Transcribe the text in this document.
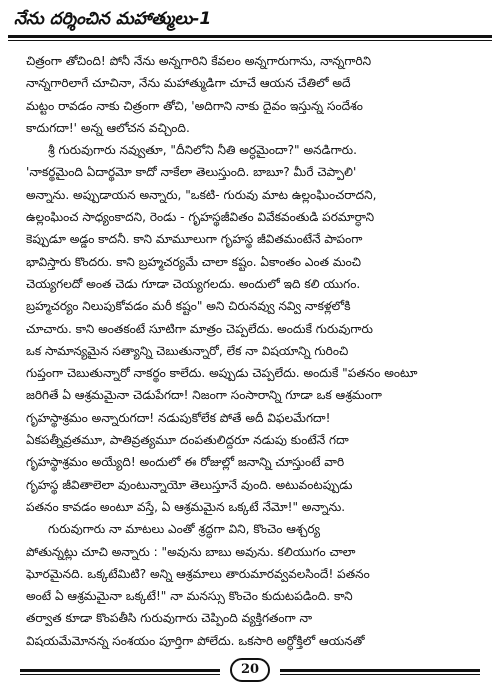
నేను దర్శించిన మహాత్ములు-1
చిత్రంగా తోచింది! పోనీ నేను అన్నగారిని కేవలం అన్నగారుగాను, నాన్నగారిని
నాన్నగారిలాగే చూచినా, నేను మహాత్ముడిగా చూచే ఆయన చేతిలో అదే
మట్టం రావడం నాకు చిత్రంగా తోచి, 'అదిగాని నాకు దైవం ఇస్తున్న సందేశం
కాదుగదా!' అన్న ఆలోచన వచ్చింది.
శ్రీ గురువుగారు నవ్వుతూ, "దీనిలోని నీతి అర్ధమైందా?" అనడిగారు.
'నాకర్థమైంది ఏదార్థమో కాదో నాకేలా తెలుస్తుంది. బాబూ? మీరే చెప్పాలి'
అన్నాను. అప్పుడాయన అన్నారు, "ఒకటి- గురువు మాట ఉల్లంఘించరాదని,
ఉల్లంఘించ సాధ్యంకాదని, రెండు - గృహస్థజీవితం వివేకవంతుడి పరమార్ధాని
కెప్పుడూ అడ్డం కాదనీ. కాని మామూలుగా గృహస్థ జీవితమంటేనే పాపంగా
భావిస్తారు కొందరు. కాని బ్రహ్మచర్యమే చాలా కష్టం. ఏకాంతం ఎంత మంచి
చెయ్యగలదో అంత చెడు గూడా చెయ్యగలదు. అందులో ఇది కలి యుగం.
బ్రహ్మచర్యం నిలుపుకోవడం మరీ కష్టం" అని చిరునవ్వు నవ్వి నాకళ్లలోకి
చూచారు. కాని అంతకంటే సూటిగా మాత్రం చెప్పలేదు. అందుకే గురువుగారు
ఒక సామాన్యమైన సత్యాన్ని చెబుతున్నారో, లేక నా విషయాన్ని గురించి
గుప్తంగా చెబుతున్నారో నాకర్థం కాలేదు. అప్పుడు చెప్పలేదు. అందుకే "పతనం అంటూ
జరిగితే ఏ ఆశ్రమమైనా చెడుపేగదా! నిజంగా సంసారాన్ని గూడా ఒక ఆశ్రమంగా
గృహస్థాశ్రమం అన్నారుగదా! నడుపుకోలేక పోతే అదీ విఫలమేగదా!
ఏకపత్నీవ్రతమూ, పాతివ్రత్యమూ దంపతులిద్దరూ నడుపు కుంటేనే గదా
గృహస్థాశ్రమం అయ్యేది! అందులో ఈ రోజుల్లో జనాన్ని చూస్తుంటే వారి
గృహస్థ జీవితాలెలా వుంటున్నాయో తెలుస్తూనే వుంది. అటువంటప్పుడు
పతనం కావడం అంటూ వస్తే, ఏ ఆశ్రమమైన ఒక్కటే నేమో!" అన్నాను.
గురువుగారు నా మాటలు ఎంతో శ్రద్ధగా విని, కొంచెం ఆశ్చర్య
పోతున్నట్లు చూచి అన్నారు : "అవును బాబు అవును. కలియుగం చాలా
ఘోరమైనది. ఒక్కటేమిటి? అన్ని ఆశ్రమాలు తారుమారవ్వవలసిందే! పతనం
అంటే ఏ ఆశ్రమమైనా ఒక్కటే!" నా మనస్సు కొంచెం కుదుటపడింది. కాని
తర్వాత కూడా కొంపతీసి గురువుగారు చెప్పింది వ్యక్తిగతంగా నా
విషయమేమోనన్న సంశయం పూర్తిగా పోలేదు. ఒకసారి అర్ధోక్తిలో ఆయనతో
20
